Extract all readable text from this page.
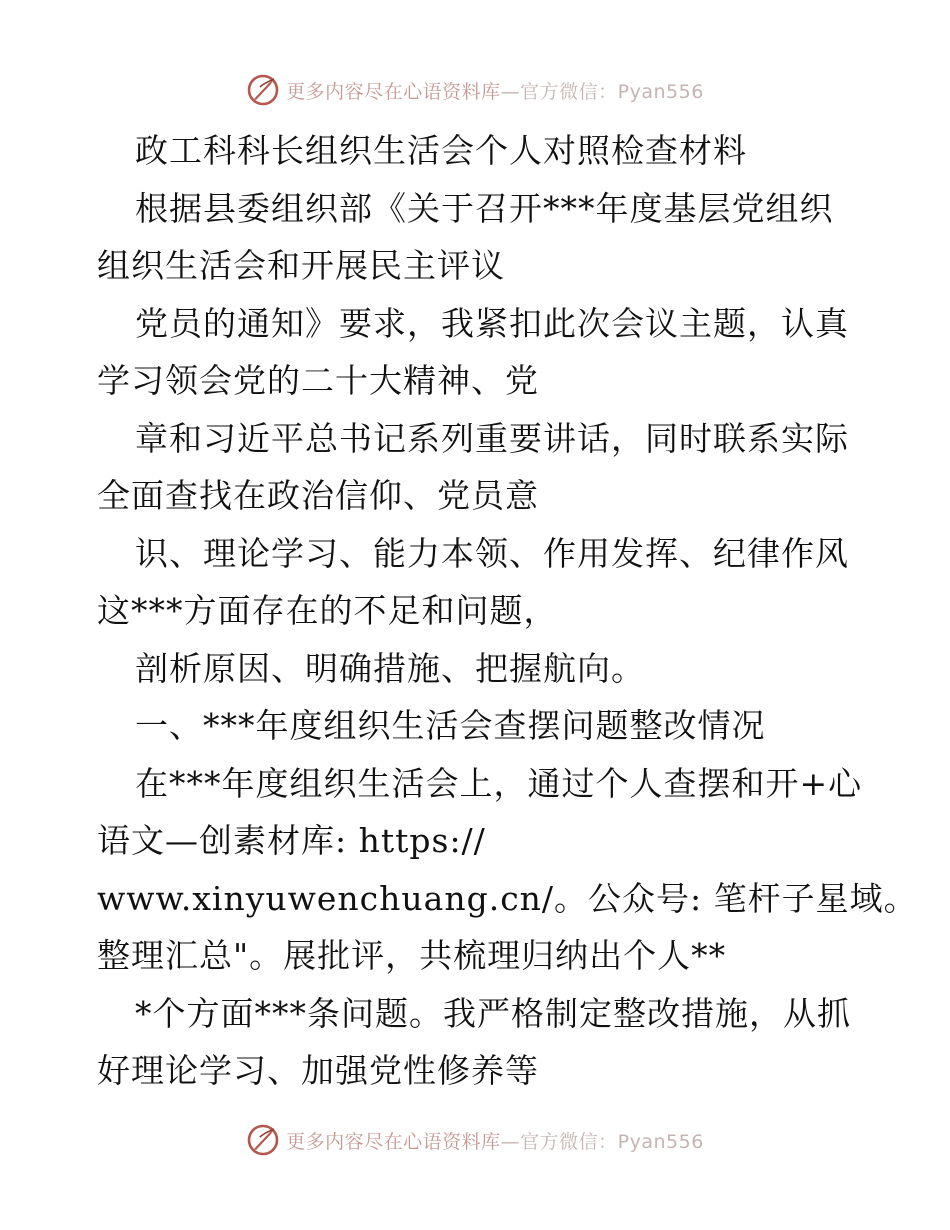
更多内容尽在心语资料库—官方微信：Pyan556
政工科科长组织生活会个人对照检查材料
根据县委组织部《关于召开***年度基层党组织
组织生活会和开展民主评议
党员的通知》要求，我紧扣此次会议主题，认真
学习领会党的二十大精神、党
章和习近平总书记系列重要讲话，同时联系实际
全面查找在政治信仰、党员意
识、理论学习、能力本领、作用发挥、纪律作风
这***方面存在的不足和问题，
剖析原因、明确措施、把握航向。
一、***年度组织生活会查摆问题整改情况
在***年度组织生活会上，通过个人查摆和开+心
语文—创素材库: https://
www.xinyuwenchuang.cn/。公众号: 笔杆子星域。
整理汇总"。展批评，共梳理归纳出个人**
*个方面***条问题。我严格制定整改措施，从抓
好理论学习、加强党性修养等
更多内容尽在心语资料库—官方微信：Pyan556
